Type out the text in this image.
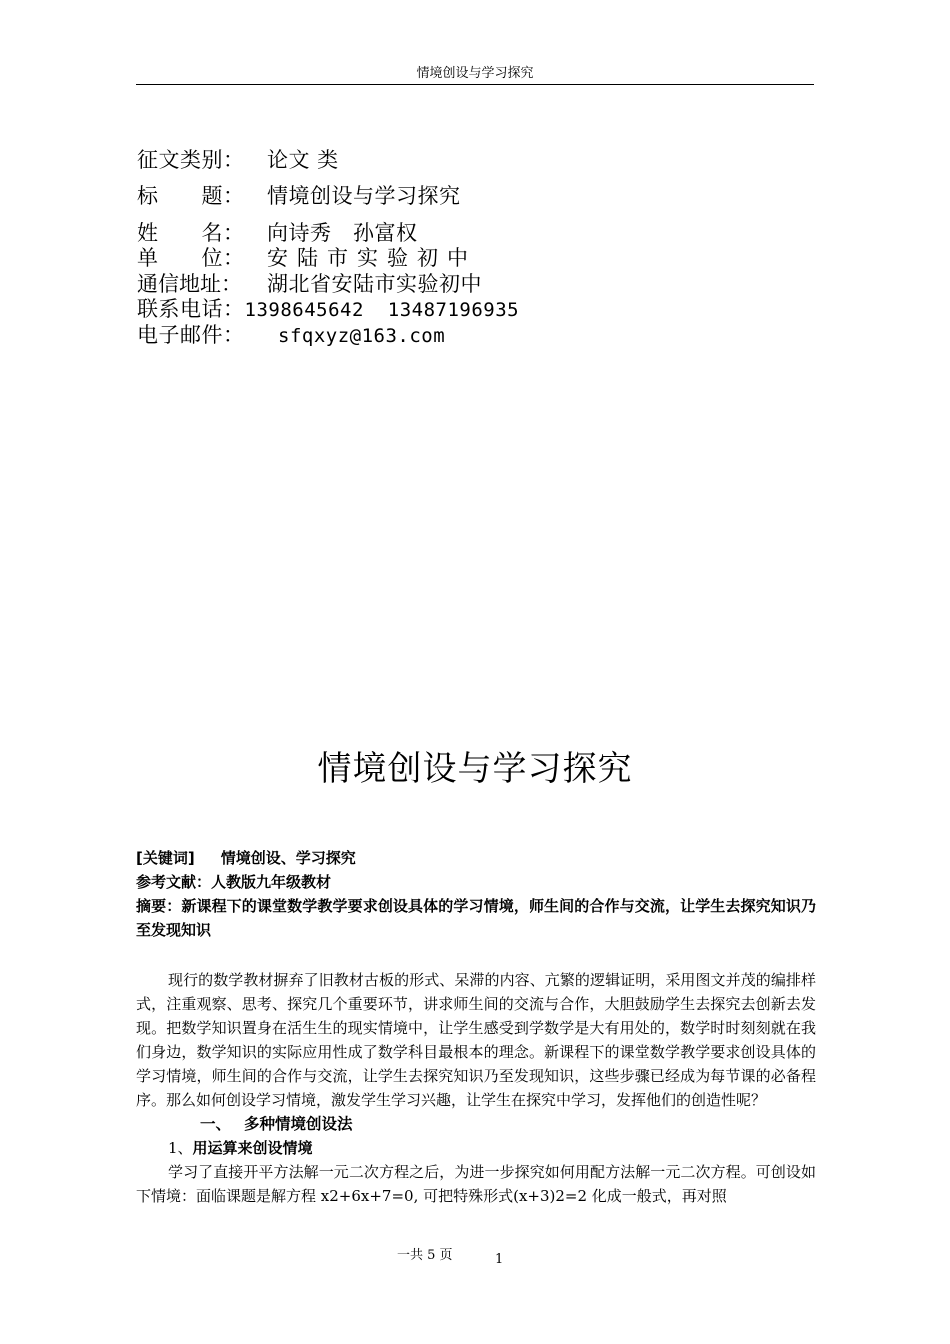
情境创设与学习探究
征文类别： 论文 类
标　　题： 情境创设与学习探究
姓　　名： 向诗秀　孙富权
单　　位： 安陆市实验初中
通信地址： 湖北省安陆市实验初中
联系电话：1398645642  13487196935
电子邮件： sfqxyz@163.com
情境创设与学习探究
[关键词] 情境创设、学习探究
参考文献：人教版九年级教材
摘要：新课程下的课堂数学教学要求创设具体的学习情境，师生间的合作与交流，让学生去探究知识乃至发现知识

现行的数学教材摒弃了旧教材古板的形式、呆滞的内容、亢繁的逻辑证明，采用图文并茂的编排样式，注重观察、思考、探究几个重要环节，讲求师生间的交流与合作，大胆鼓励学生去探究去创新去发现。把数学知识置身在活生生的现实情境中，让学生感受到学数学是大有用处的，数学时时刻刻就在我们身边，数学知识的实际应用性成了数学科目最根本的理念。新课程下的课堂数学教学要求创设具体的学习情境，师生间的合作与交流，让学生去探究知识乃至发现知识，这些步骤已经成为每节课的必备程序。那么如何创设学习情境，激发学生学习兴趣，让学生在探究中学习，发挥他们的创造性呢？

一、 多种情境创设法
1、用运算来创设情境

学习了直接开平方法解一元二次方程之后，为进一步探究如何用配方法解一元二次方程。可创设如下情境：面临课题是解方程 x2+6x+7=0, 可把特殊形式(x+3)2=2 化成一般式，再对照

一共 5 页	1
